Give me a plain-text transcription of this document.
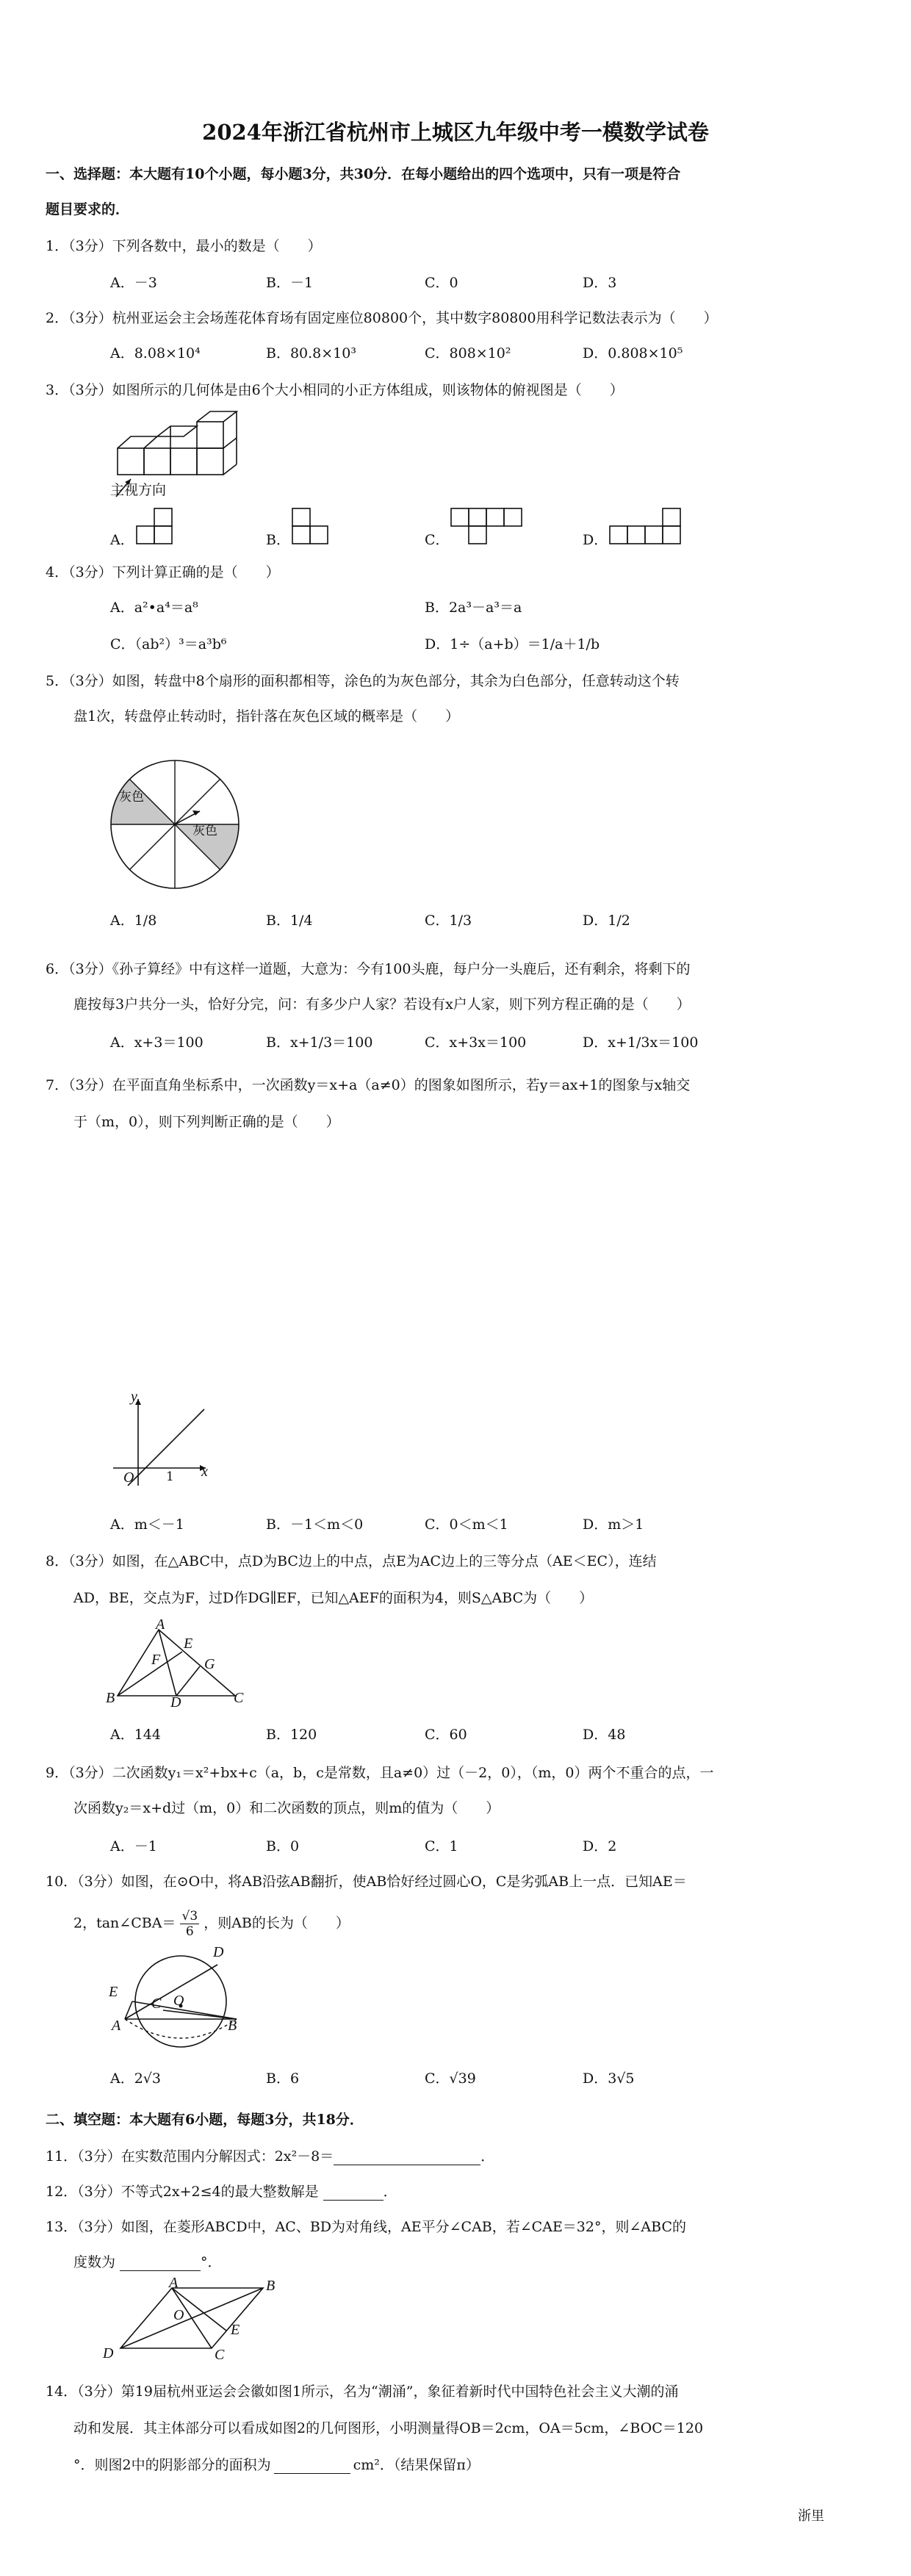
2024年浙江省杭州市上城区九年级中考一模数学试卷
一、选择题：本大题有10个小题，每小题3分，共30分．在每小题给出的四个选项中，只有一项是符合
题目要求的．
1．（3分）下列各数中，最小的数是（　　）
A．－3	B．－1	C．0	D．3
2．（3分）杭州亚运会主会场莲花体育场有固定座位80800个，其中数字80800用科学记数法表示为（　　）
A．8.08×10⁴	B．80.8×10³	C．808×10²	D．0.808×10⁵
3．（3分）如图所示的几何体是由6个大小相同的小正方体组成，则该物体的俯视图是（　　）
主视方向
A．	B．	C．	D．
4．（3分）下列计算正确的是（　　）
A．a²•a⁴＝a⁸	B．2a³－a³＝a
C．（ab²）³＝a³b⁶	D．1÷（a+b）＝1/a＋1/b
5．（3分）如图，转盘中8个扇形的面积都相等，涂色的为灰色部分，其余为白色部分，任意转动这个转
盘1次，转盘停止转动时，指针落在灰色区域的概率是（　　）
灰色
灰色
A．1/8	B．1/4	C．1/3	D．1/2
6．（3分）《孙子算经》中有这样一道题，大意为：今有100头鹿，每户分一头鹿后，还有剩余，将剩下的
鹿按每3户共分一头，恰好分完，问：有多少户人家？若设有x户人家，则下列方程正确的是（　　）
A．x+3＝100	B．x+1/3＝100	C．x+3x＝100	D．x+1/3x＝100
7．（3分）在平面直角坐标系中，一次函数y＝x+a（a≠0）的图象如图所示，若y＝ax+1的图象与x轴交
于（m，0），则下列判断正确的是（　　）
y
x
O	1
A．m＜－1	B．－1＜m＜0	C．0＜m＜1	D．m＞1
8．（3分）如图，在△ABC中，点D为BC边上的中点，点E为AC边上的三等分点（AE＜EC），连结
AD，BE，交点为F，过D作DG∥EF，已知△AEF的面积为4，则S△ABC为（　　）
A
E
F	G
B	D	C
A．144	B．120	C．60	D．48
9．（3分）二次函数y₁＝x²+bx+c（a，b，c是常数，且a≠0）过（－2，0），（m，0）两个不重合的点，一
次函数y₂＝x+d过（m，0）和二次函数的顶点，则m的值为（　　）
A．－1	B．0	C．1	D．2
10．（3分）如图，在⊙O中，将AB沿弦AB翻折，使AB恰好经过圆心O，C是劣弧AB上一点．已知AE＝
2，tan∠CBA＝ $\frac{√3}{6}$ ，则AB的长为（　　）
D
E
C O
A	B
A．2√3	B．6	C．√39	D．3√5
二、填空题：本大题有6小题，每题3分，共18分．
11．（3分）在实数范围内分解因式：2x²－8＝	．
12．（3分）不等式2x+2≤4的最大整数解是	．
13．（3分）如图，在菱形ABCD中，AC、BD为对角线，AE平分∠CAB，若∠CAE＝32°，则∠ABC的
度数为	°．
A	B
O
D	C
E
14．（3分）第19届杭州亚运会会徽如图1所示，名为“潮涌”，象征着新时代中国特色社会主义大潮的涌
动和发展．其主体部分可以看成如图2的几何图形，小明测量得OB＝2cm，OA＝5cm，∠BOC＝120
°．则图2中的阴影部分的面积为	cm²．（结果保留π）
浙里
